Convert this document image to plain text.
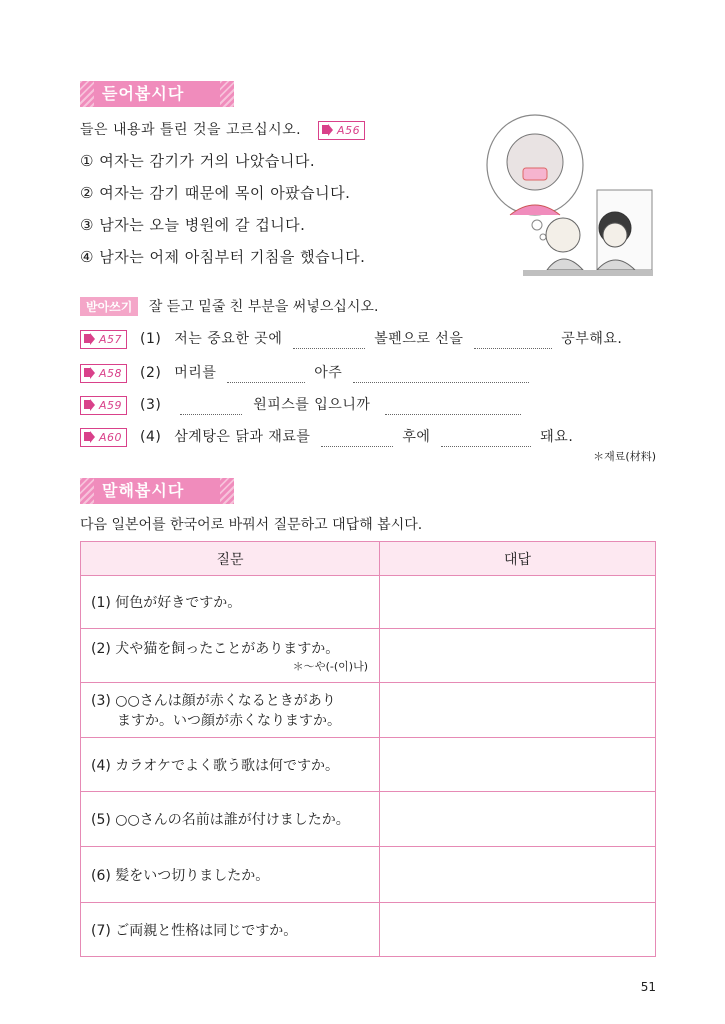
듣어봅시다
들은 내용과 틀린 것을 고르십시오.	A56
① 여자는 감기가 거의 나았습니다.
② 여자는 감기 때문에 목이 아팠습니다.
③ 남자는 오늘 병원에 갈 겁니다.
④ 남자는 어제 아침부터 기침을 했습니다.
받아쓰기 잘 듣고 밑줄 친 부분을 써넣으십시오.
A57 (1) 저는 중요한 곳에	볼펜으로 선을	공부해요.
A58 (2) 머리를	아주
A59 (3)	원피스를 입으니까
A60 (4) 삼계탕은 닭과 재료를	후에	돼요.
＊재료(材料)
말해봅시다
다음 일본어를 한국어로 바꿔서 질문하고 대답해 봅시다.
질문	대답
(1) 何色が好きですか。	

(2) 犬や猫を飼ったことがありますか。
＊～や(-(이)나)	

(3) ○○さんは顔が赤くなるときがあり
ますか。いつ顔が赤くなりますか。	

(4) カラオケでよく歌う歌は何ですか。	
(5) ○○さんの名前は誰が付けましたか。	
(6) 髪をいつ切りましたか。	
(7) ご両親と性格は同じですか。	
51
